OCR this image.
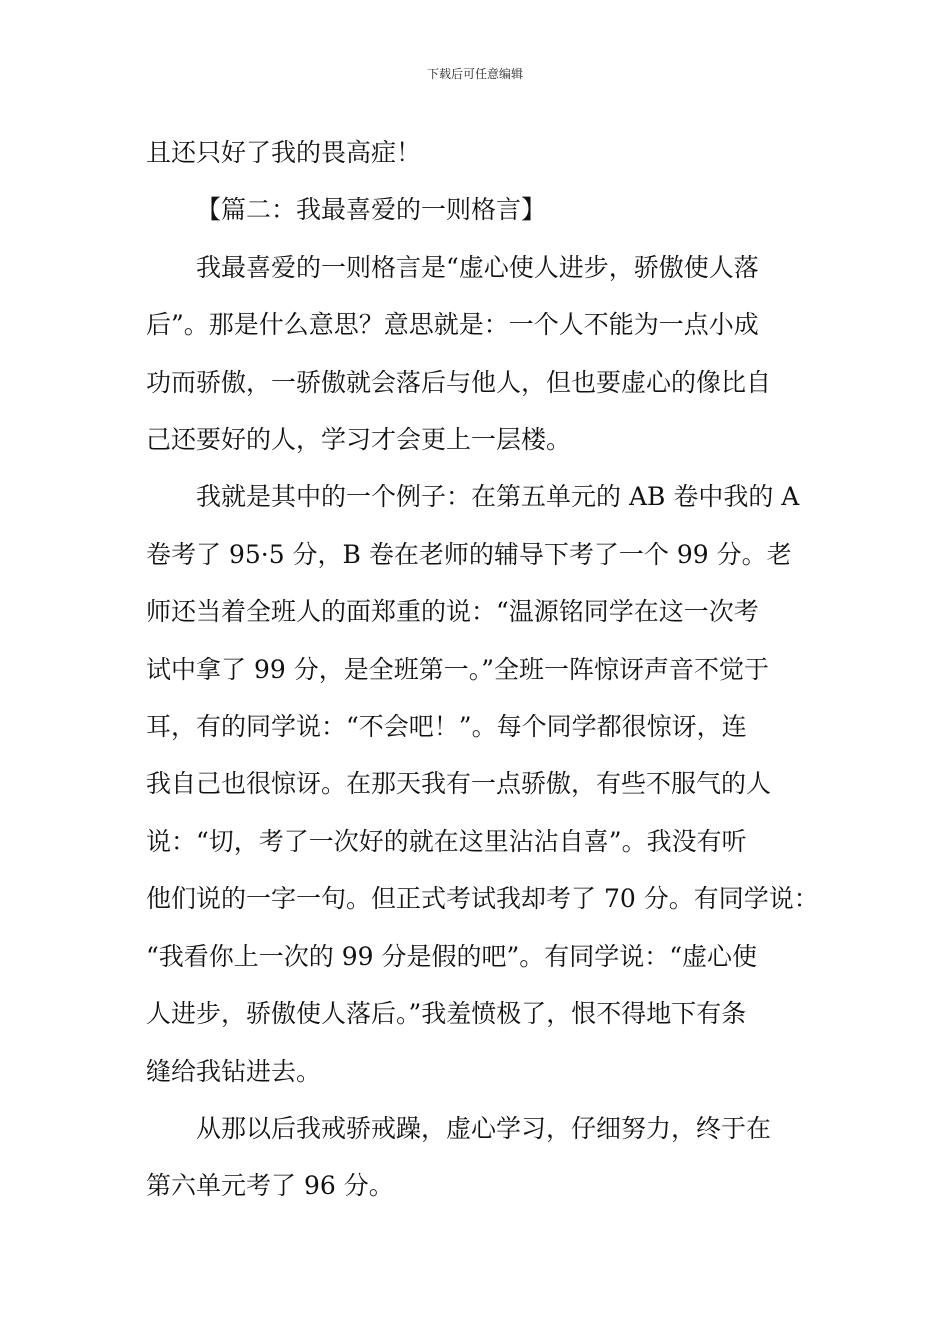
下载后可任意编辑

且还只好了我的畏高症！

【篇二：我最喜爱的一则格言】

我最喜爱的一则格言是“虚心使人进步，骄傲使人落
后”。那是什么意思？意思就是：一个人不能为一点小成
功而骄傲，一骄傲就会落后与他人，但也要虚心的像比自
己还要好的人，学习才会更上一层楼。

我就是其中的一个例子：在第五单元的 AB 卷中我的 A
卷考了 95·5 分，B 卷在老师的辅导下考了一个 99 分。老
师还当着全班人的面郑重的说：“温源铭同学在这一次考
试中拿了 99 分，是全班第一。”全班一阵惊讶声音不觉于
耳，有的同学说：“不会吧！”。每个同学都很惊讶，连
我自己也很惊讶。在那天我有一点骄傲，有些不服气的人
说：“切，考了一次好的就在这里沾沾自喜”。我没有听
他们说的一字一句。但正式考试我却考了 70 分。有同学说：
“我看你上一次的 99 分是假的吧”。有同学说：“虚心使
人进步，骄傲使人落后。”我羞愤极了，恨不得地下有条
缝给我钻进去。

从那以后我戒骄戒躁，虚心学习，仔细努力，终于在
第六单元考了 96 分。
